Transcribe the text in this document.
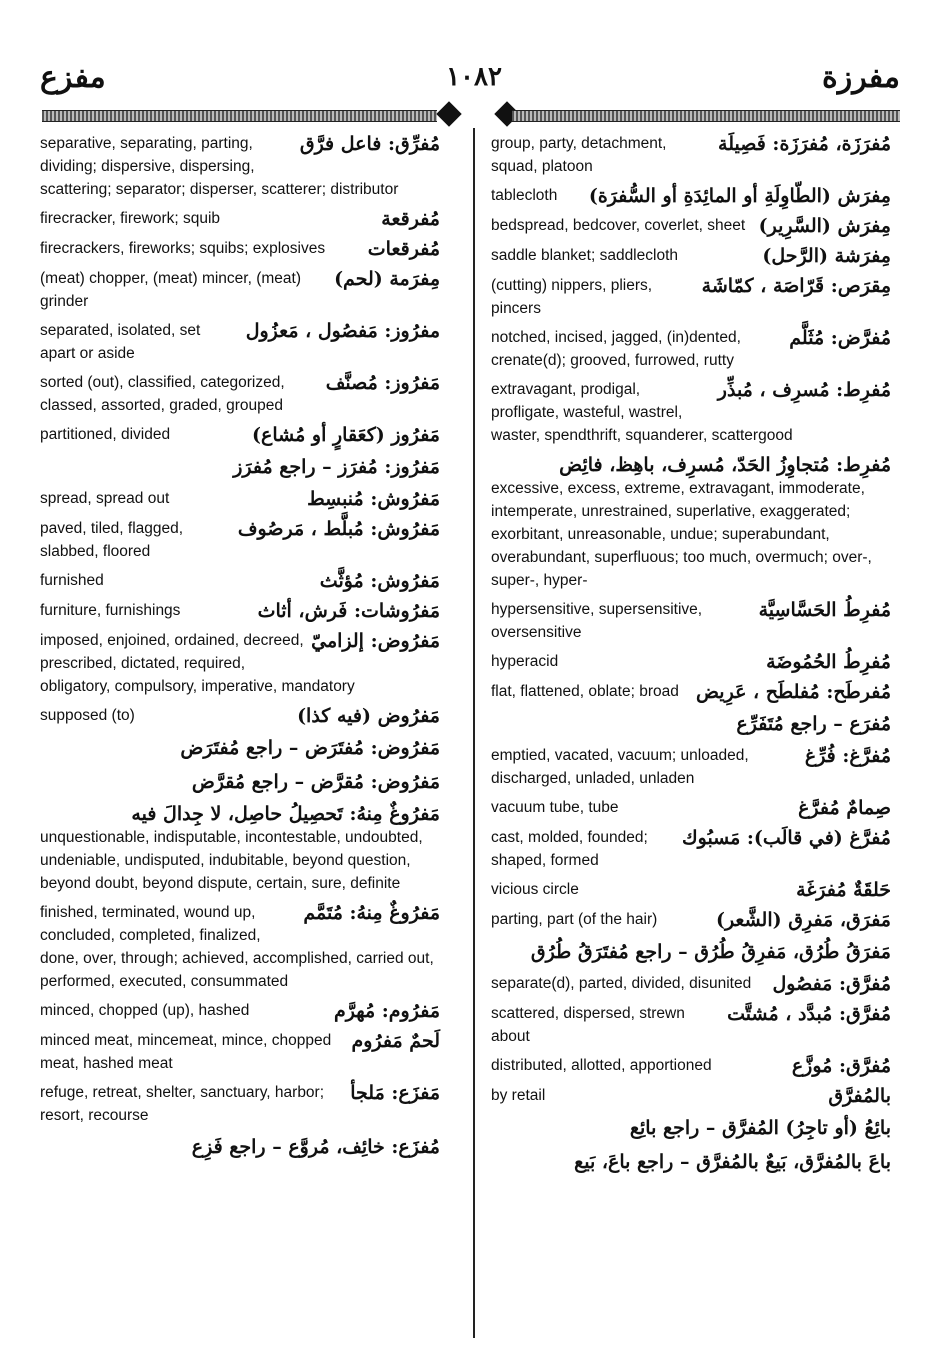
مفرزة
١٠٨٢
مفزع
مُفرِّق: فاعل فرَّق
separative, separating, parting, dividing; dispersive, dispersing, scattering; separator; disperser, scatterer; distributor
مُفرقعة
firecracker, firework; squib
مُفرقعات
firecrackers, fireworks; squibs; explosives
مِفرَمة (لحم)
(meat) chopper, (meat) mincer, (meat) grinder
مفرُوز: مَفصُول ، مَعزُول
separated, isolated, set apart or aside
مَفرُوز: مُصنَّف
sorted (out), classified, categorized, classed, assorted, graded, grouped
مَفرُوز (كعَقارٍ أو مُشاع)
partitioned, divided
مَفرُوز: مُفرَز – راجع مُفرَز
مَفرُوش: مُنبسِط
spread, spread out
مَفرُوش: مُبلَّط ، مَرصُوف
paved, tiled, flagged, slabbed, floored
مَفرُوش: مُؤثَّث
furnished
مَفرُوشات: فَرش، أثاث
furniture, furnishings
مَفرُوض: إلزاميّ
imposed, enjoined, ordained, decreed, prescribed, dictated, required, obligatory, compulsory, imperative, mandatory
مَفرُوض (فيه كذا)
supposed (to)
مَفرُوض: مُفتَرَض – راجع مُفتَرَض
مَفرُوض: مُقرَّض – راجع مُقرَّض
مَفرُوغٌ مِنهُ: تَحصِيلُ حاصِل، لا جِدالَ فيه
unquestionable, indisputable, incontestable, undoubted, undeniable, undisputed, indubitable, beyond question, beyond doubt, beyond dispute, certain, sure, definite
مَفرُوغٌ مِنهُ: مُتَمَّم
finished, terminated, wound up, concluded, completed, finalized, done, over, through; achieved, accomplished, carried out, performed, executed, consummated
مَفرُوم: مُهرَّم
minced, chopped (up), hashed
لَحمٌ مَفرُوم
minced meat, mincemeat, mince, chopped meat, hashed meat
مَفزَع: مَلجأ
refuge, retreat, shelter, sanctuary, harbor; resort, recourse
مُفزَع: خائِف، مُروَّع – راجع فَزِع
مُفرَزَة، مُفرَزَة: فَصِيلَة
group, party, detachment, squad, platoon
مِفرَش (الطّاوِلَةِ أو المائِدَةِ أو السُّفرَة)
tablecloth
مِفرَش (السَّرِير)
bedspread, bedcover, coverlet, sheet
مِفرَشة (الرَّحل)
saddle blanket; saddlecloth
مِقرَص: قَرّاصَة ، كمّاشَة
(cutting) nippers, pliers, pincers
مُفرَّض: مُثَلَّم
notched, incised, jagged, (in)dented, crenate(d); grooved, furrowed, rutty
مُفرِط: مُسرِف ، مُبذِّر
extravagant, prodigal, profligate, wasteful, wastrel, waster, spendthrift, squanderer, scattergood
مُفرِط: مُتجاوِزُ الحَدّ، مُسرِف، باهِظ، فائِض
excessive, excess, extreme, extravagant, immoderate, intemperate, unrestrained, superlative, exaggerated; exorbitant, unreasonable, undue; superabundant, overabundant, superfluous; too much, overmuch; over-, super-, hyper-
مُفرِطُ الحَسَّاسِيَّة
hypersensitive, supersensitive, oversensitive
مُفرِطُ الحُمُوضَة
hyperacid
مُفرطَح: مُفلطَح ، عَرِيض
flat, flattened, oblate; broad
مُفرَع – راجع مُتَفَرِّع
مُفرَّغ: فُرِّغ
emptied, vacated, vacuum; unloaded, discharged, unladed, unladen
صِمامٌ مُفرَّغ
vacuum tube, tube
مُفرَّغ (في قالَب): مَسبُوك
cast, molded, founded; shaped, formed
حَلقَةٌ مُفرَغَة
vicious circle
مَفرَق، مَفرِق (الشَّعر)
parting, part (of the hair)
مَفرَقُ طُرُق، مَفرِقُ طُرُق – راجع مُفتَرَقُ طُرُق
مُفرَّق: مَفصُول
separate(d), parted, divided, disunited
مُفرَّق: مُبدَّد ، مُشتَّت
scattered, dispersed, strewn about
مُفرَّق: مُوزَّع
distributed, allotted, apportioned
بالمُفرَّق
by retail
بائِعُ (أو تاجِرُ) المُفرَّق – راجع بائِع
باعَ بالمُفرَّق، بَيعٌ بالمُفرَّق – راجع باعَ، بَيع
